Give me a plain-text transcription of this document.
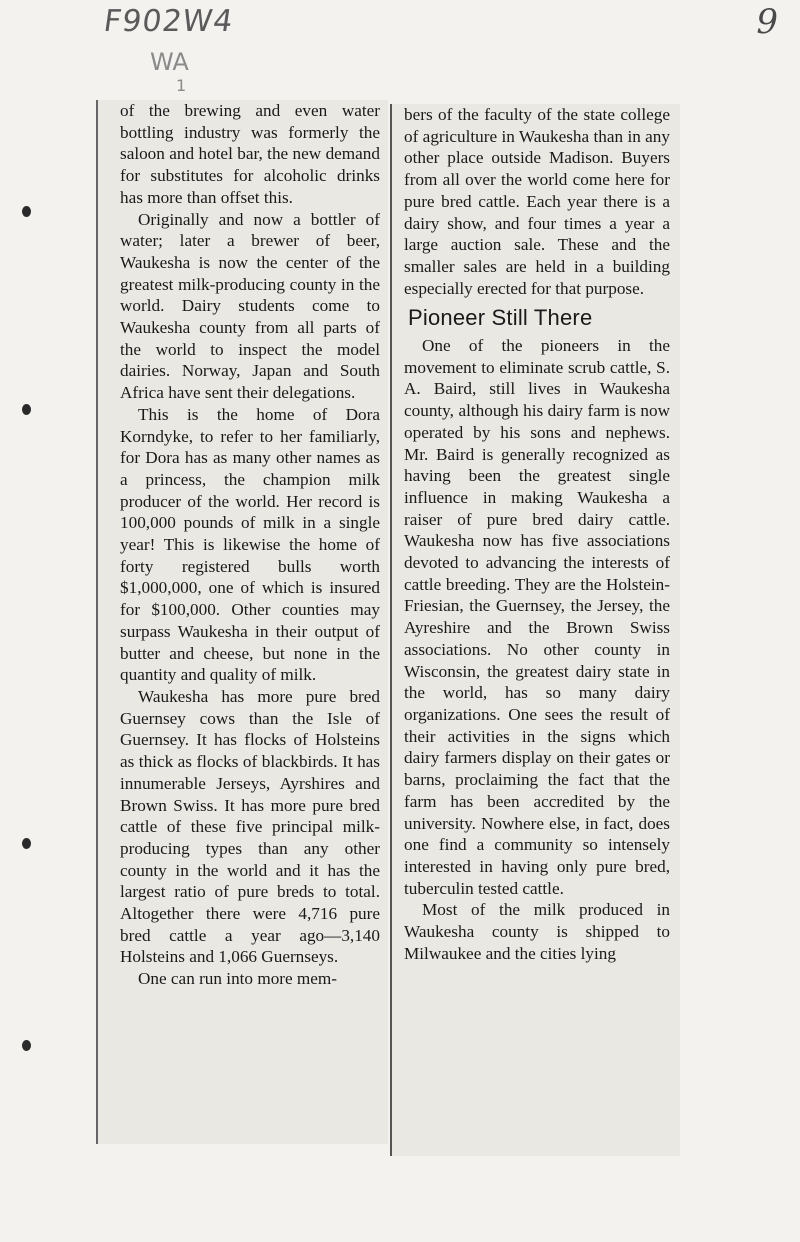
F902W4
WA
1
9

of the brewing and even water bottling industry was formerly the saloon and hotel bar, the new demand for substitutes for alcoholic drinks has more than offset this.

Originally and now a bottler of water; later a brewer of beer, Waukesha is now the center of the greatest milk-producing county in the world. Dairy students come to Waukesha county from all parts of the world to inspect the model dairies. Norway, Japan and South Africa have sent their delegations.

This is the home of Dora Korndyke, to refer to her familiarly, for Dora has as many other names as a princess, the champion milk producer of the world. Her record is 100,000 pounds of milk in a single year! This is likewise the home of forty registered bulls worth $1,000,000, one of which is insured for $100,000. Other counties may surpass Waukesha in their output of butter and cheese, but none in the quantity and quality of milk.

Waukesha has more pure bred Guernsey cows than the Isle of Guernsey. It has flocks of Holsteins as thick as flocks of blackbirds. It has innumerable Jerseys, Ayrshires and Brown Swiss. It has more pure bred cattle of these five principal milk-producing types than any other county in the world and it has the largest ratio of pure breds to total. Altogether there were 4,716 pure bred cattle a year ago—3,140 Holsteins and 1,066 Guernseys.

One can run into more mem-

bers of the faculty of the state college of agriculture in Waukesha than in any other place outside Madison. Buyers from all over the world come here for pure bred cattle. Each year there is a dairy show, and four times a year a large auction sale. These and the smaller sales are held in a building especially erected for that purpose.

Pioneer Still There

One of the pioneers in the movement to eliminate scrub cattle, S. A. Baird, still lives in Waukesha county, although his dairy farm is now operated by his sons and nephews. Mr. Baird is generally recognized as having been the greatest single influence in making Waukesha a raiser of pure bred dairy cattle. Waukesha now has five associations devoted to advancing the interests of cattle breeding. They are the Holstein-Friesian, the Guernsey, the Jersey, the Ayreshire and the Brown Swiss associations. No other county in Wisconsin, the greatest dairy state in the world, has so many dairy organizations. One sees the result of their activities in the signs which dairy farmers display on their gates or barns, proclaiming the fact that the farm has been accredited by the university. Nowhere else, in fact, does one find a community so intensely interested in having only pure bred, tuberculin tested cattle.

Most of the milk produced in Waukesha county is shipped to Milwaukee and the cities lying
